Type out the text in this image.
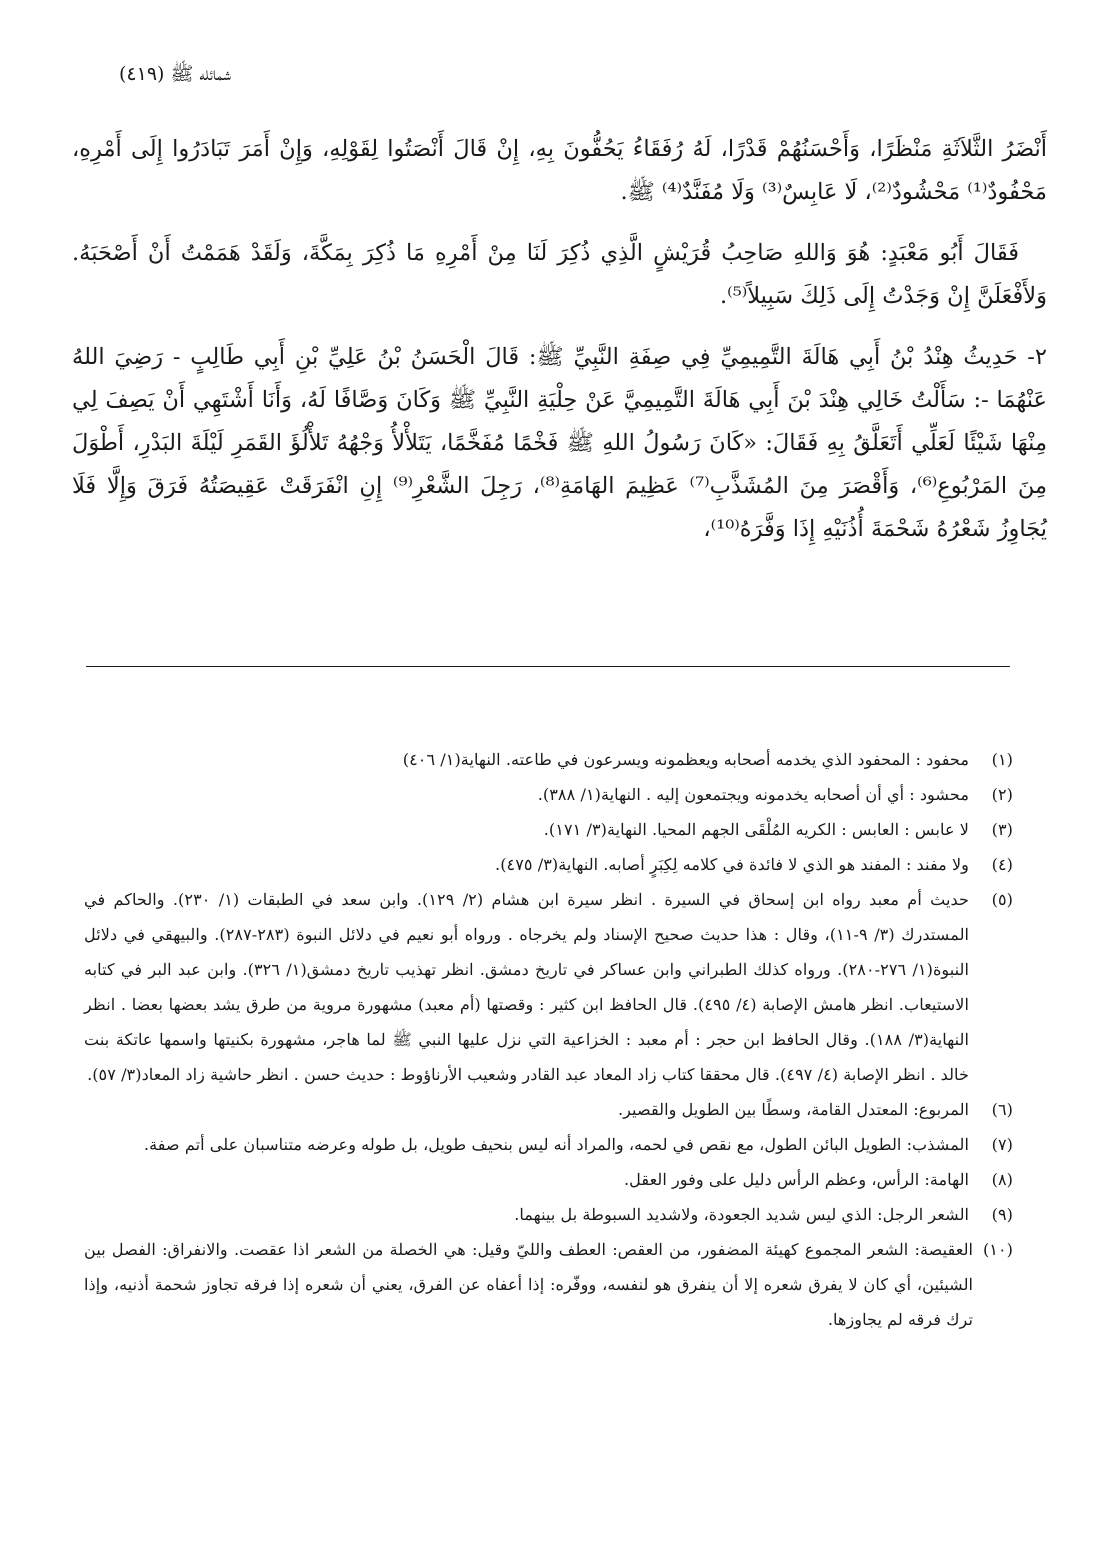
شمائله ﷺ (٤١٩)

أَنْضَرُ الثَّلاَثَةِ مَنْظَرًا، وَأَحْسَنُهُمْ قَدْرًا، لَهُ رُفَقَاءُ يَحُفُّونَ بِهِ، إِنْ قَالَ أَنْصَتُوا لِقَوْلِهِ، وَإِنْ أَمَرَ تَبَادَرُوا إِلَى أَمْرِهِ، مَحْفُودٌ⁽¹⁾ مَحْشُودٌ⁽²⁾، لَا عَابِسٌ⁽³⁾ وَلَا مُفَنَّدٌ⁽⁴⁾ ﷺ.

فَقَالَ أَبُو مَعْبَدٍ: هُوَ وَاللهِ صَاحِبُ قُرَيْشٍ الَّذِي ذُكِرَ لَنَا مِنْ أَمْرِهِ مَا ذُكِرَ بِمَكَّةَ، وَلَقَدْ هَمَمْتُ أَنْ أَصْحَبَهُ. وَلأَفْعَلَنَّ إِنْ وَجَدْتُ إِلَى ذَلِكَ سَبِيلاً⁽⁵⁾.

٢- حَدِيثُ هِنْدُ بْنُ أَبِي هَالَةَ التَّمِيمِيِّ فِي صِفَةِ النَّبِيِّ ﷺ: قَالَ الْحَسَنُ بْنُ عَلِيِّ بْنِ أَبِي طَالِبٍ - رَضِيَ اللهُ عَنْهُمَا -: سَأَلْتُ خَالِي هِنْدَ بْنَ أَبِي هَالَةَ التَّمِيمِيَّ عَنْ حِلْيَةِ النَّبِيِّ ﷺ وَكَانَ وَصَّافًا لَهُ، وَأَنَا أَشْتَهِي أَنْ يَصِفَ لِي مِنْهَا شَيْئًا لَعَلِّي أَتَعَلَّقُ بِهِ فَقَالَ: «كَانَ رَسُولُ اللهِ ﷺ فَخْمًا مُفَخَّمًا، يَتَلأْلأُ وَجْهُهُ تَلأْلُؤَ القَمَرِ لَيْلَةَ البَدْرِ، أَطْوَلَ مِنَ المَرْبُوعِ⁽⁶⁾، وَأَقْصَرَ مِنَ المُشَذَّبِ⁽⁷⁾ عَظِيمَ الهَامَةِ⁽⁸⁾، رَجِلَ الشَّعْرِ⁽⁹⁾ إِنِ انْفَرَقَتْ عَقِيصَتُهُ فَرَقَ وَإِلَّا فَلَا يُجَاوِزُ شَعْرُهُ شَحْمَةَ أُذُنَيْهِ إِذَا وَفَّرَهُ⁽¹⁰⁾،

(١)
محفود : المحفود الذي يخدمه أصحابه ويعظمونه ويسرعون في طاعته. النهاية(١/ ٤٠٦)
(٢)
محشود : أي أن أصحابه يخدمونه ويجتمعون إليه . النهاية(١/ ٣٨٨).
(٣)
لا عابس : العابس : الكريه المُلْقَى الجهم المحيا. النهاية(٣/ ١٧١).
(٤)
ولا مفند : المفند هو الذي لا فائدة في كلامه لِكِبَرٍ أصابه. النهاية(٣/ ٤٧٥).
(٥)
حديث أم معبد رواه ابن إسحاق في السيرة . انظر سيرة ابن هشام (٢/ ١٢٩). وابن سعد في الطبقات (١/ ٢٣٠). والحاكم في المستدرك (٣/ ٩-١١)، وقال : هذا حديث صحيح الإسناد ولم يخرجاه . ورواه أبو نعيم في دلائل النبوة (٢٨٣-٢٨٧). والبيهقي في دلائل النبوة(١/ ٢٧٦-٢٨٠). ورواه كذلك الطبراني وابن عساكر في تاريخ دمشق. انظر تهذيب تاريخ دمشق(١/ ٣٢٦). وابن عبد البر في كتابه الاستيعاب. انظر هامش الإصابة (٤/ ٤٩٥). قال الحافظ ابن كثير : وقصتها (أم معبد) مشهورة مروية من طرق يشد بعضها بعضا . انظر النهاية(٣/ ١٨٨). وقال الحافظ ابن حجر : أم معبد : الخزاعية التي نزل عليها النبي ﷺ لما هاجر، مشهورة بكنيتها واسمها عاتكة بنت خالد . انظر الإصابة (٤/ ٤٩٧). قال محققا كتاب زاد المعاد عبد القادر وشعيب الأرناؤوط : حديث حسن . انظر حاشية زاد المعاد(٣/ ٥٧).
(٦)
المربوع: المعتدل القامة، وسطًا بين الطويل والقصير.
(٧)
المشذب: الطويل البائن الطول، مع نقص في لحمه، والمراد أنه ليس بنحيف طويل، بل طوله وعرضه متناسبان على أتم صفة.
(٨)
الهامة: الرأس، وعظم الرأس دليل على وفور العقل.
(٩)
الشعر الرجل: الذي ليس شديد الجعودة، ولاشديد السبوطة بل بينهما.
(١٠)
العقيصة: الشعر المجموع كهيئة المضفور، من العقص: العطف والليّ وقيل: هي الخصلة من الشعر اذا عقصت. والانفراق: الفصل بين الشيئين، أي كان لا يفرق شعره إلا أن ينفرق هو لنفسه، ووفّره: إذا أعفاه عن الفرق، يعني أن شعره إذا فرقه تجاوز شحمة أذنيه، وإذا ترك فرقه لم يجاوزها.
